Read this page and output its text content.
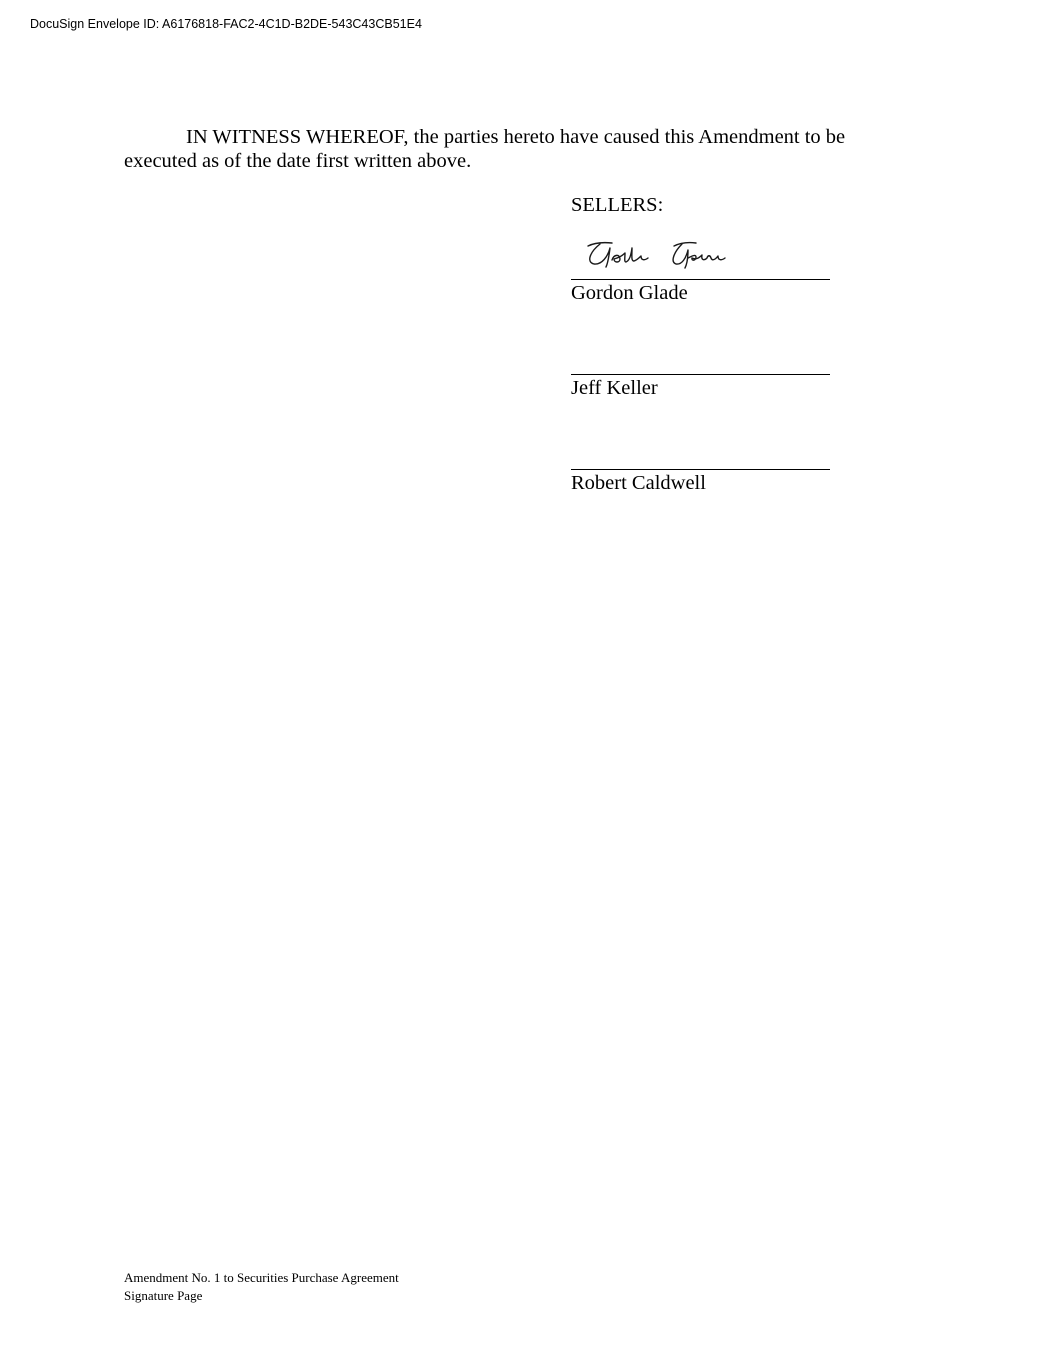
DocuSign Envelope ID: A6176818-FAC2-4C1D-B2DE-543C43CB51E4

IN WITNESS WHEREOF, the parties hereto have caused this Amendment to be

executed as of the date first written above.

SELLERS:
Gordon Glade
Jeff Keller
Robert Caldwell
Amendment No. 1 to Securities Purchase Agreement
Signature Page
